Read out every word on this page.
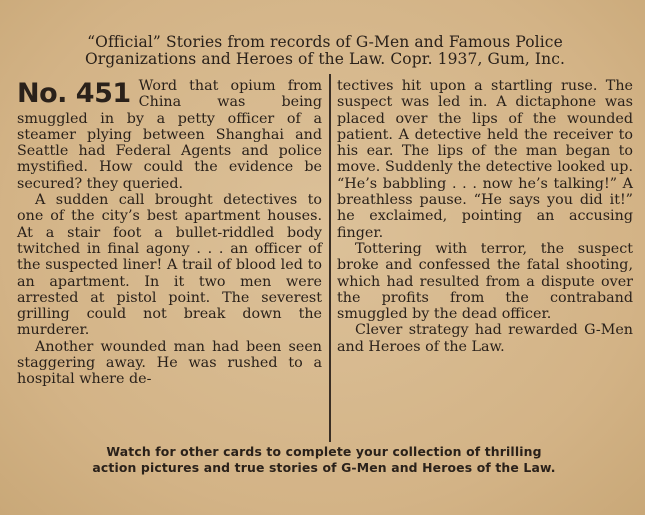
“Official” Stories from records of G-Men and Famous Police
Organizations and Heroes of the Law. Copr. 1937, Gum, Inc.

No. 451 Word that opium from China was being smuggled in by a petty officer of a steamer plying between Shanghai and Seattle had Federal Agents and police mystified. How could the evidence be secured? they queried.

A sudden call brought detectives to one of the city’s best apartment houses. At a stair foot a bullet-riddled body twitched in final agony . . . an officer of the suspected liner! A trail of blood led to an apartment. In it two men were arrested at pistol point. The severest grilling could not break down the murderer.

Another wounded man had been seen staggering away. He was rushed to a hospital where de-

tectives hit upon a startling ruse. The suspect was led in. A dictaphone was placed over the lips of the wounded patient. A detective held the receiver to his ear. The lips of the man began to move. Suddenly the detective looked up. “He’s babbling . . . now he’s talking!” A breathless pause. “He says you did it!” he exclaimed, pointing an accusing finger.

Tottering with terror, the suspect broke and confessed the fatal shooting, which had resulted from a dispute over the profits from the contraband smuggled by the dead officer.

Clever strategy had rewarded G-Men and Heroes of the Law.

Watch for other cards to complete your collection of thrilling
action pictures and true stories of G-Men and Heroes of the Law.
